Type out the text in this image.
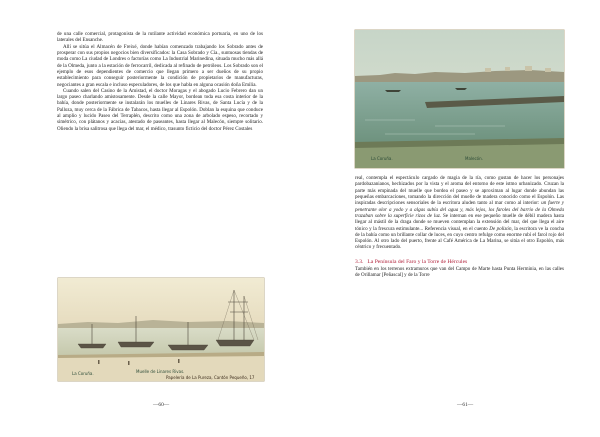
de una calle comercial, protagonista de la rutilante actividad económica portuaria, en uno de los laterales del Ensanche.

Allí se sitúa el Almacén de Freixé, donde habían comenzado trabajando los Sobrado antes de prosperar con sus propios negocios bien diversificados: la Casa Sobrado y Cía., suntuosas tiendas de moda como La ciudad de Londres o factorías como La Industrial Marinedina, situada mucho más allá de la Olmeda, junto a la estación de ferrocarril, dedicada al refinado de petróleos. Los Sobrado son el ejemplo de esos dependientes de comercio que llegan primero a ser dueños de su propio establecimiento para conseguir posteriormente la condición de propietarios de manufacturas, negociantes a gran escala e incluso especuladores, de los que habla en alguna ocasión doña Emilia.

Cuando salen del Casino de la Amistad, el doctor Moragas y el abogado Lucio Febrero dan un largo paseo charlando amistosamente. Desde la calle Mayor, bordean toda esa costa interior de la bahía, donde posteriormente se instalarán los muelles de Linares Rivas, de Santa Lucía y de la Palloza, muy cerca de la Fábrica de Tabacos, hasta llegar al Espolón. Doblan la esquina que conduce al amplio y lucido Paseo del Terraplén, descrito como una zona de arbolado espeso, recortado y simétrico, con plátanos y acacias, atestado de paseantes, hasta llegar al Malecón, siempre solitario. Oliendo la brisa salitrosa que llega del mar, el médico, trasunto ficticio del doctor Pérez Costales

La Coruña.	Muelle de Linares Rivas.
Papelería de La Pureza, Cantón Pequeño, 17
—60—
La Coruña.	Malecón.

real, contempla el espectáculo cargado de magia de la ría, como gustan de hacer los personajes pardobazanianos, hechizados por la vista y el aroma del entorno de este istmo urbanizado. Cruzan la parte más empinada del muelle que bordea el paseo y se aproximan al lugar donde abundan las pequeñas embarcaciones, tomando la dirección del muelle de madera conocido como el Espolón. Las inspiradas descripciones sensoriales de la escritora aluden tanto al mar como al interior: un fuerte y penetrante olor a yodo y a algas subía del agua y, más lejos, los faroles del barrio de la Olmeda trazaban sobre la superficie rizos de luz. Se internan en ese pequeño muelle de débil madera hasta llegar al mástil de la draga donde se mueven contemplan la extensión del mar, del que llega el aire tónico y la frescura estimulante... Referencia visual, en el cuento De polizón, la escritora ve la concha de la bahía como un brillante collar de luces, en cuyo centro refulge como enorme rubí el farol rojo del Espolón. Al otro lado del puerto, frente al Café América de La Marina, se sitúa el otro Espolón, más céntrico y frecuentado.

3.3. La Península del Faro y la Torre de Hércules

También en los terrenos extramuros que van del Campo de Marte hasta Punta Herminia, en las calles de Orillamar [Peñascal] y de la Torre

—61—
